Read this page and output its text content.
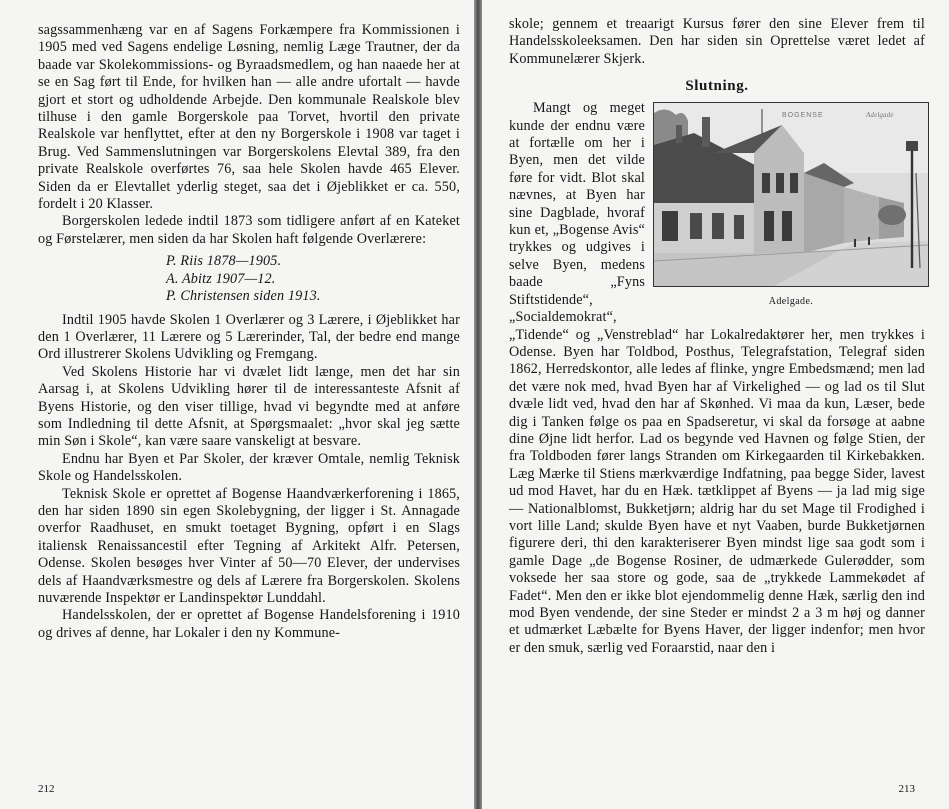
sagssammenhæng var en af Sagens Forkæmpere fra Kommissionen i 1905 med ved Sagens endelige Løsning, nemlig Læge Trautner, der da baade var Skolekommissions- og Byraadsmedlem, og han naaede her at se en Sag ført til Ende, for hvilken han — alle andre ufortalt — havde gjort et stort og udholdende Arbejde. Den kommunale Realskole blev tilhuse i den gamle Borgerskole paa Torvet, hvortil den private Realskole var henflyttet, efter at den ny Borgerskole i 1908 var taget i Brug. Ved Sammenslutningen var Borgerskolens Elevtal 389, fra den private Realskole overførtes 76, saa hele Skolen havde 465 Elever. Siden da er Elevtallet yderlig steget, saa det i Øjeblikket er ca. 550, fordelt i 20 Klasser.

Borgerskolen ledede indtil 1873 som tidligere anført af en Kateket og Førstelærer, men siden da har Skolen haft følgende Overlærere:

P. Riis 1878—1905.
A. Abitz 1907—12.
P. Christensen siden 1913.

Indtil 1905 havde Skolen 1 Overlærer og 3 Lærere, i Øjeblikket har den 1 Overlærer, 11 Lærere og 5 Lærerinder, Tal, der bedre end mange Ord illustrerer Skolens Udvikling og Fremgang.

Ved Skolens Historie har vi dvælet lidt længe, men det har sin Aarsag i, at Skolens Udvikling hører til de interessanteste Afsnit af Byens Historie, og den viser tillige, hvad vi begyndte med at anføre som Indledning til dette Afsnit, at Spørgsmaalet: „hvor skal jeg sætte min Søn i Skole“, kan være saare vanskeligt at besvare.

Endnu har Byen et Par Skoler, der kræver Omtale, nemlig Teknisk Skole og Handelsskolen.

Teknisk Skole er oprettet af Bogense Haandværkerforening i 1865, den har siden 1890 sin egen Skolebygning, der ligger i St. Annagade overfor Raadhuset, en smukt toetaget Bygning, opført i en Slags italiensk Renaissancestil efter Tegning af Arkitekt Alfr. Petersen, Odense. Skolen besøges hver Vinter af 50—70 Elever, der undervises dels af Haandværksmestre og dels af Lærere fra Borgerskolen. Skolens nuværende Inspektør er Landinspektør Lunddahl.

Handelsskolen, der er oprettet af Bogense Handelsforening i 1910 og drives af denne, har Lokaler i den ny Kommune-

212

skole; gennem et treaarigt Kursus fører den sine Elever frem til Handelsskoleeksamen. Den har siden sin Oprettelse været ledet af Kommunelærer Skjerk.

Slutning.
BOGENSE	Adelgade
Adelgade.

Mangt og meget kunde der endnu være at fortælle om her i Byen, men det vilde føre for vidt. Blot skal nævnes, at Byen har sine Dagblade, hvoraf kun et, „Bogense Avis“ trykkes og udgives i selve Byen, medens baade „Fyns Stiftstidende“, „Socialdemokrat“, „Tidende“ og „Venstreblad“ har Lokalredaktører her, men trykkes i Odense. Byen har Toldbod, Posthus, Telegrafstation, Telegraf siden 1862, Herredskontor, alle ledes af flinke, yngre Embedsmænd; men lad det være nok med, hvad Byen har af Virkelighed — og lad os til Slut dvæle lidt ved, hvad den har af Skønhed. Vi maa da kun, Læser, bede dig i Tanken følge os paa en Spadseretur, vi skal da forsøge at aabne dine Øjne lidt herfor. Lad os begynde ved Havnen og følge Stien, der fra Toldboden fører langs Stranden om Kirkegaarden til Kirkebakken. Læg Mærke til Stiens mærkværdige Indfatning, paa begge Sider, lavest ud mod Havet, har du en Hæk. tætklippet af Byens — ja lad mig sige — Nationalblomst, Bukketjørn; aldrig har du set Mage til Frodighed i vort lille Land; skulde Byen have et nyt Vaaben, burde Bukketjørnen figurere deri, thi den karakteriserer Byen mindst lige saa godt som i gamle Dage „de Bogense Rosiner, de udmærkede Gulerødder, som voksede her saa store og gode, saa de „trykkede Lammekødet af Fadet“. Men den er ikke blot ejendommelig denne Hæk, særlig den ind mod Byen vendende, der sine Steder er mindst 2 a 3 m høj og danner et udmærket Læbælte for Byens Haver, der ligger indenfor; men hvor er den smuk, særlig ved Foraarstid, naar den i

213
